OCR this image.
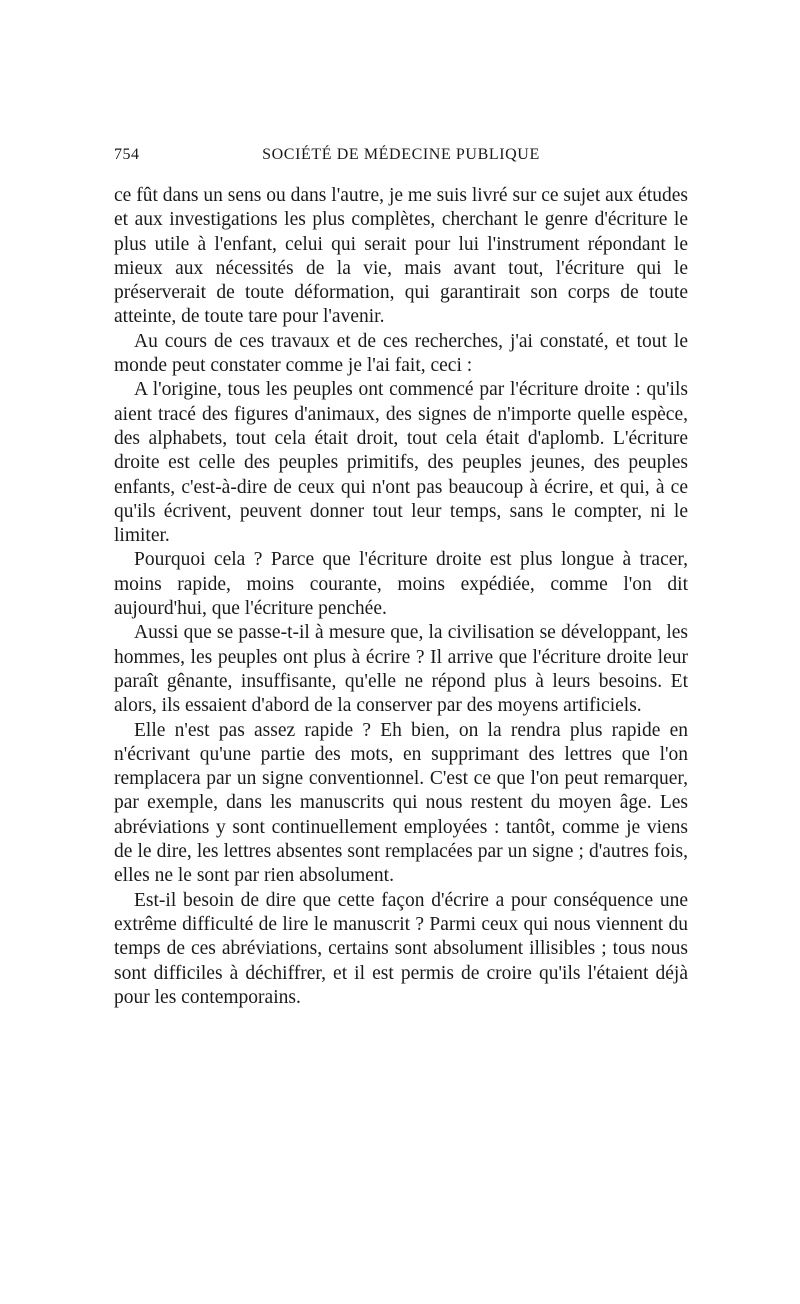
754	SOCIÉTÉ DE MÉDECINE PUBLIQUE

ce fût dans un sens ou dans l'autre, je me suis livré sur ce sujet aux études et aux investigations les plus complètes, cherchant le genre d'écriture le plus utile à l'enfant, celui qui serait pour lui l'instrument répondant le mieux aux nécessités de la vie, mais avant tout, l'écriture qui le préserverait de toute déformation, qui garantirait son corps de toute atteinte, de toute tare pour l'avenir.

Au cours de ces travaux et de ces recherches, j'ai constaté, et tout le monde peut constater comme je l'ai fait, ceci :

A l'origine, tous les peuples ont commencé par l'écriture droite : qu'ils aient tracé des figures d'animaux, des signes de n'importe quelle espèce, des alphabets, tout cela était droit, tout cela était d'aplomb. L'écriture droite est celle des peuples primitifs, des peuples jeunes, des peuples enfants, c'est-à-dire de ceux qui n'ont pas beaucoup à écrire, et qui, à ce qu'ils écrivent, peuvent donner tout leur temps, sans le compter, ni le limiter.

Pourquoi cela ? Parce que l'écriture droite est plus longue à tracer, moins rapide, moins courante, moins expédiée, comme l'on dit aujourd'hui, que l'écriture penchée.

Aussi que se passe-t-il à mesure que, la civilisation se développant, les hommes, les peuples ont plus à écrire ? Il arrive que l'écriture droite leur paraît gênante, insuffisante, qu'elle ne répond plus à leurs besoins. Et alors, ils essaient d'abord de la conserver par des moyens artificiels.

Elle n'est pas assez rapide ? Eh bien, on la rendra plus rapide en n'écrivant qu'une partie des mots, en supprimant des lettres que l'on remplacera par un signe conventionnel. C'est ce que l'on peut remarquer, par exemple, dans les manuscrits qui nous restent du moyen âge. Les abréviations y sont continuellement employées : tantôt, comme je viens de le dire, les lettres absentes sont remplacées par un signe ; d'autres fois, elles ne le sont par rien absolument.

Est-il besoin de dire que cette façon d'écrire a pour conséquence une extrême difficulté de lire le manuscrit ? Parmi ceux qui nous viennent du temps de ces abréviations, certains sont absolument illisibles ; tous nous sont difficiles à déchiffrer, et il est permis de croire qu'ils l'étaient déjà pour les contemporains.
